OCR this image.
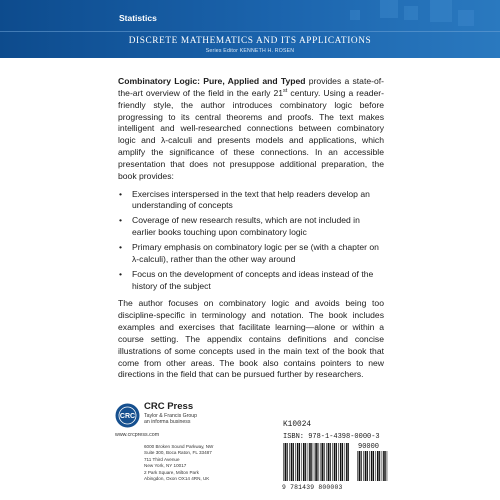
Statistics
DISCRETE MATHEMATICS AND ITS APPLICATIONS
Series Editor KENNETH H. ROSEN

Combinatory Logic: Pure, Applied and Typed provides a state-of-the-art overview of the field in the early 21st century. Using a reader-friendly style, the author introduces combinatory logic before progressing to its central theorems and proofs. The text makes intelligent and well-researched connections between combinatory logic and λ-calculi and presents models and applications, which amplify the significance of these connections. In an accessible presentation that does not presuppose additional preparation, the book provides:

• Exercises interspersed in the text that help readers develop an understanding of concepts
• Coverage of new research results, which are not included in earlier books touching upon combinatory logic
• Primary emphasis on combinatory logic per se (with a chapter on λ-calculi), rather than the other way around
• Focus on the development of concepts and ideas instead of the history of the subject

The author focuses on combinatory logic and avoids being too discipline-specific in terminology and notation. The book includes examples and exercises that facilitate learning—alone or within a course setting. The appendix contains definitions and concise illustrations of some concepts used in the main text of the book that come from other areas. The book also contains pointers to new directions in the field that can be pursued further by researchers.

CRC
CRC Press
Taylor & Francis Group
an informa business
www.crcpress.com
6000 Broken Sound Parkway, NW
Suite 300, Boca Raton, FL 33487
711 Third Avenue
New York, NY 10017
2 Park Square, Milton Park
Abingdon, Oxon OX14 4RN, UK
K10024
ISBN: 978-1-4398-0000-3
90000
9 781439 800003
